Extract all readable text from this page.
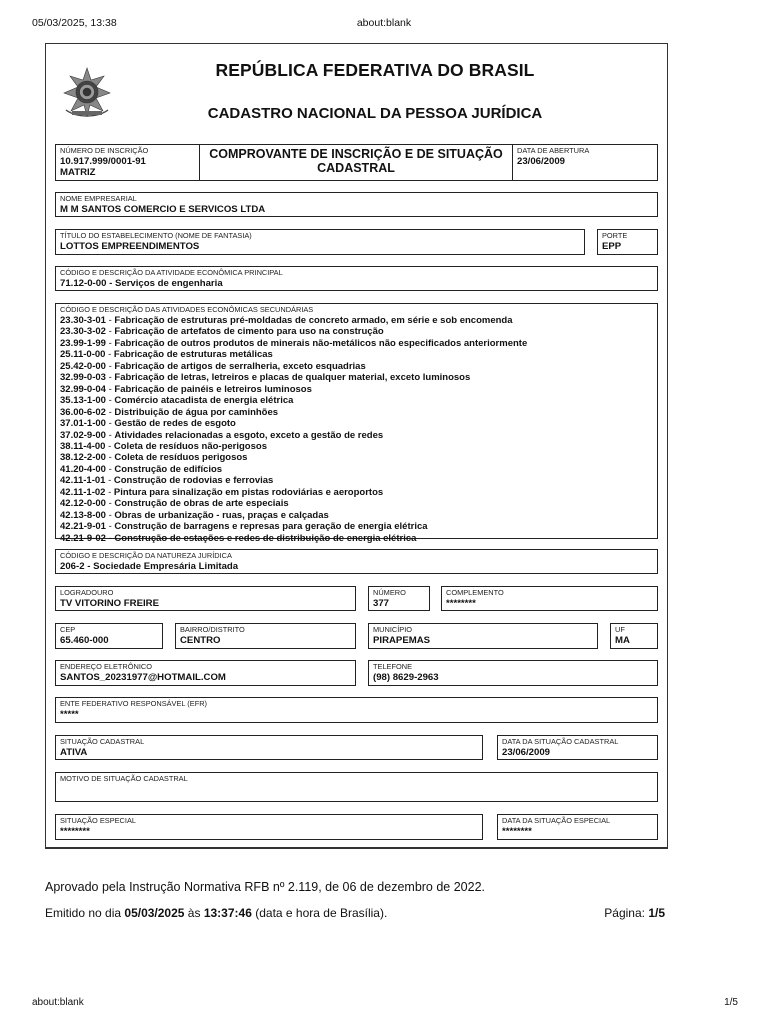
05/03/2025, 13:38	about:blank
REPÚBLICA FEDERATIVA DO BRASIL
CADASTRO NACIONAL DA PESSOA JURÍDICA
NÚMERO DE INSCRIÇÃO
10.917.999/0001-91
MATRIZ
COMPROVANTE DE INSCRIÇÃO E DE SITUAÇÃO
CADASTRAL
DATA DE ABERTURA
23/06/2009
NOME EMPRESARIAL
M M SANTOS COMERCIO E SERVICOS LTDA
TÍTULO DO ESTABELECIMENTO (NOME DE FANTASIA)
LOTTOS EMPREENDIMENTOS
PORTE
EPP
CÓDIGO E DESCRIÇÃO DA ATIVIDADE ECONÔMICA PRINCIPAL
71.12-0-00 - Serviços de engenharia
CÓDIGO E DESCRIÇÃO DAS ATIVIDADES ECONÔMICAS SECUNDÁRIAS
23.30-3-01 - Fabricação de estruturas pré-moldadas de concreto armado, em série e sob encomenda
23.30-3-02 - Fabricação de artefatos de cimento para uso na construção
23.99-1-99 - Fabricação de outros produtos de minerais não-metálicos não especificados anteriormente
25.11-0-00 - Fabricação de estruturas metálicas
25.42-0-00 - Fabricação de artigos de serralheria, exceto esquadrias
32.99-0-03 - Fabricação de letras, letreiros e placas de qualquer material, exceto luminosos
32.99-0-04 - Fabricação de painéis e letreiros luminosos
35.13-1-00 - Comércio atacadista de energia elétrica
36.00-6-02 - Distribuição de água por caminhões
37.01-1-00 - Gestão de redes de esgoto
37.02-9-00 - Atividades relacionadas a esgoto, exceto a gestão de redes
38.11-4-00 - Coleta de resíduos não-perigosos
38.12-2-00 - Coleta de resíduos perigosos
41.20-4-00 - Construção de edifícios
42.11-1-01 - Construção de rodovias e ferrovias
42.11-1-02 - Pintura para sinalização em pistas rodoviárias e aeroportos
42.12-0-00 - Construção de obras de arte especiais
42.13-8-00 - Obras de urbanização - ruas, praças e calçadas
42.21-9-01 - Construção de barragens e represas para geração de energia elétrica
42.21-9-02 - Construção de estações e redes de distribuição de energia elétrica
CÓDIGO E DESCRIÇÃO DA NATUREZA JURÍDICA
206-2 - Sociedade Empresária Limitada
LOGRADOURO
TV VITORINO FREIRE
NÚMERO
377
COMPLEMENTO
********
CEP
65.460-000
BAIRRO/DISTRITO
CENTRO
MUNICÍPIO
PIRAPEMAS
UF
MA
ENDEREÇO ELETRÔNICO
SANTOS_20231977@HOTMAIL.COM
TELEFONE
(98) 8629-2963
ENTE FEDERATIVO RESPONSÁVEL (EFR)
*****
SITUAÇÃO CADASTRAL
ATIVA
DATA DA SITUAÇÃO CADASTRAL
23/06/2009
MOTIVO DE SITUAÇÃO CADASTRAL
SITUAÇÃO ESPECIAL
********
DATA DA SITUAÇÃO ESPECIAL
********
Aprovado pela Instrução Normativa RFB nº 2.119, de 06 de dezembro de 2022.
Emitido no dia 05/03/2025 às 13:37:46 (data e hora de Brasília).	Página: 1/5
about:blank	1/5
